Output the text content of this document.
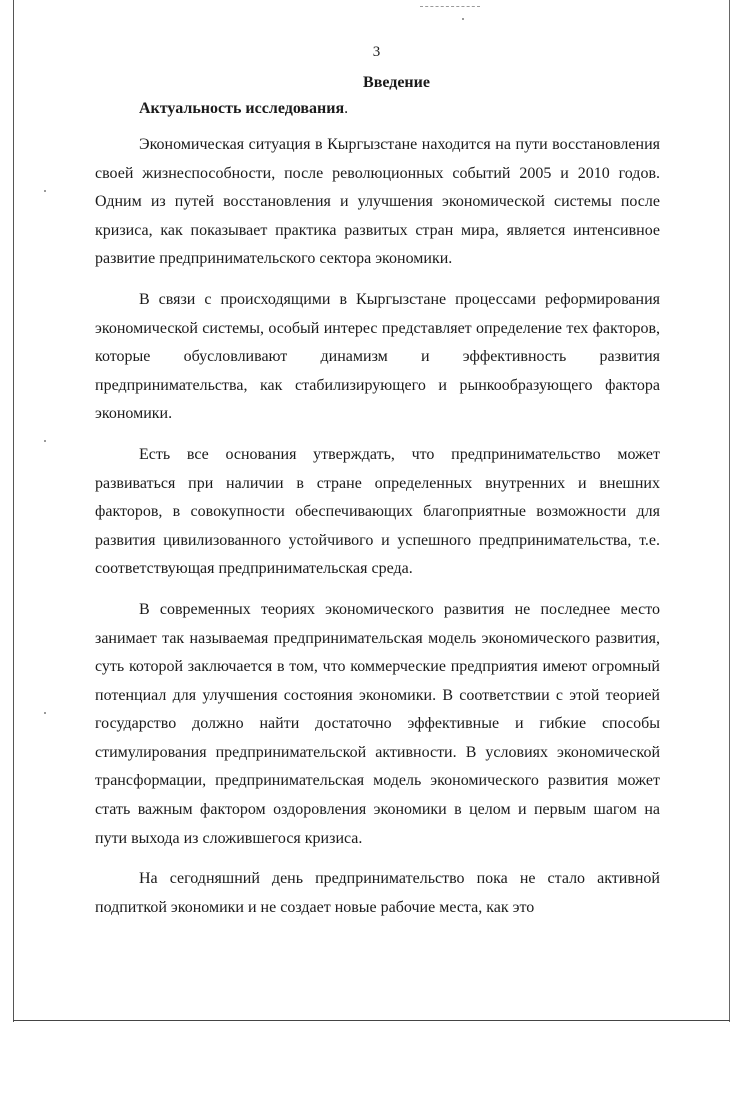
3
Введение
Актуальность исследования.

Экономическая ситуация в Кыргызстане находится на пути восстановления своей жизнеспособности, после революционных событий 2005 и 2010 годов. Одним из путей восстановления и улучшения экономической системы после кризиса, как показывает практика развитых стран мира, является интенсивное развитие предпринимательского сектора экономики.

В связи с происходящими в Кыргызстане процессами реформирования экономической системы, особый интерес представляет определение тех факторов, которые обусловливают динамизм и эффективность развития предпринимательства, как стабилизирующего и рынкообразующего фактора экономики.

Есть все основания утверждать, что предпринимательство может развиваться при наличии в стране определенных внутренних и внешних факторов, в совокупности обеспечивающих благоприятные возможности для развития цивилизованного устойчивого и успешного предпринимательства, т.е. соответствующая предпринимательская среда.

В современных теориях экономического развития не последнее место занимает так называемая предпринимательская модель экономического развития, суть которой заключается в том, что коммерческие предприятия имеют огромный потенциал для улучшения состояния экономики. В соответствии с этой теорией государство должно найти достаточно эффективные и гибкие способы стимулирования предпринимательской активности. В условиях экономической трансформации, предпринимательская модель экономического развития может стать важным фактором оздоровления экономики в целом и первым шагом на пути выхода из сложившегося кризиса.

На сегодняшний день предпринимательство пока не стало активной подпиткой экономики и не создает новые рабочие места, как это
